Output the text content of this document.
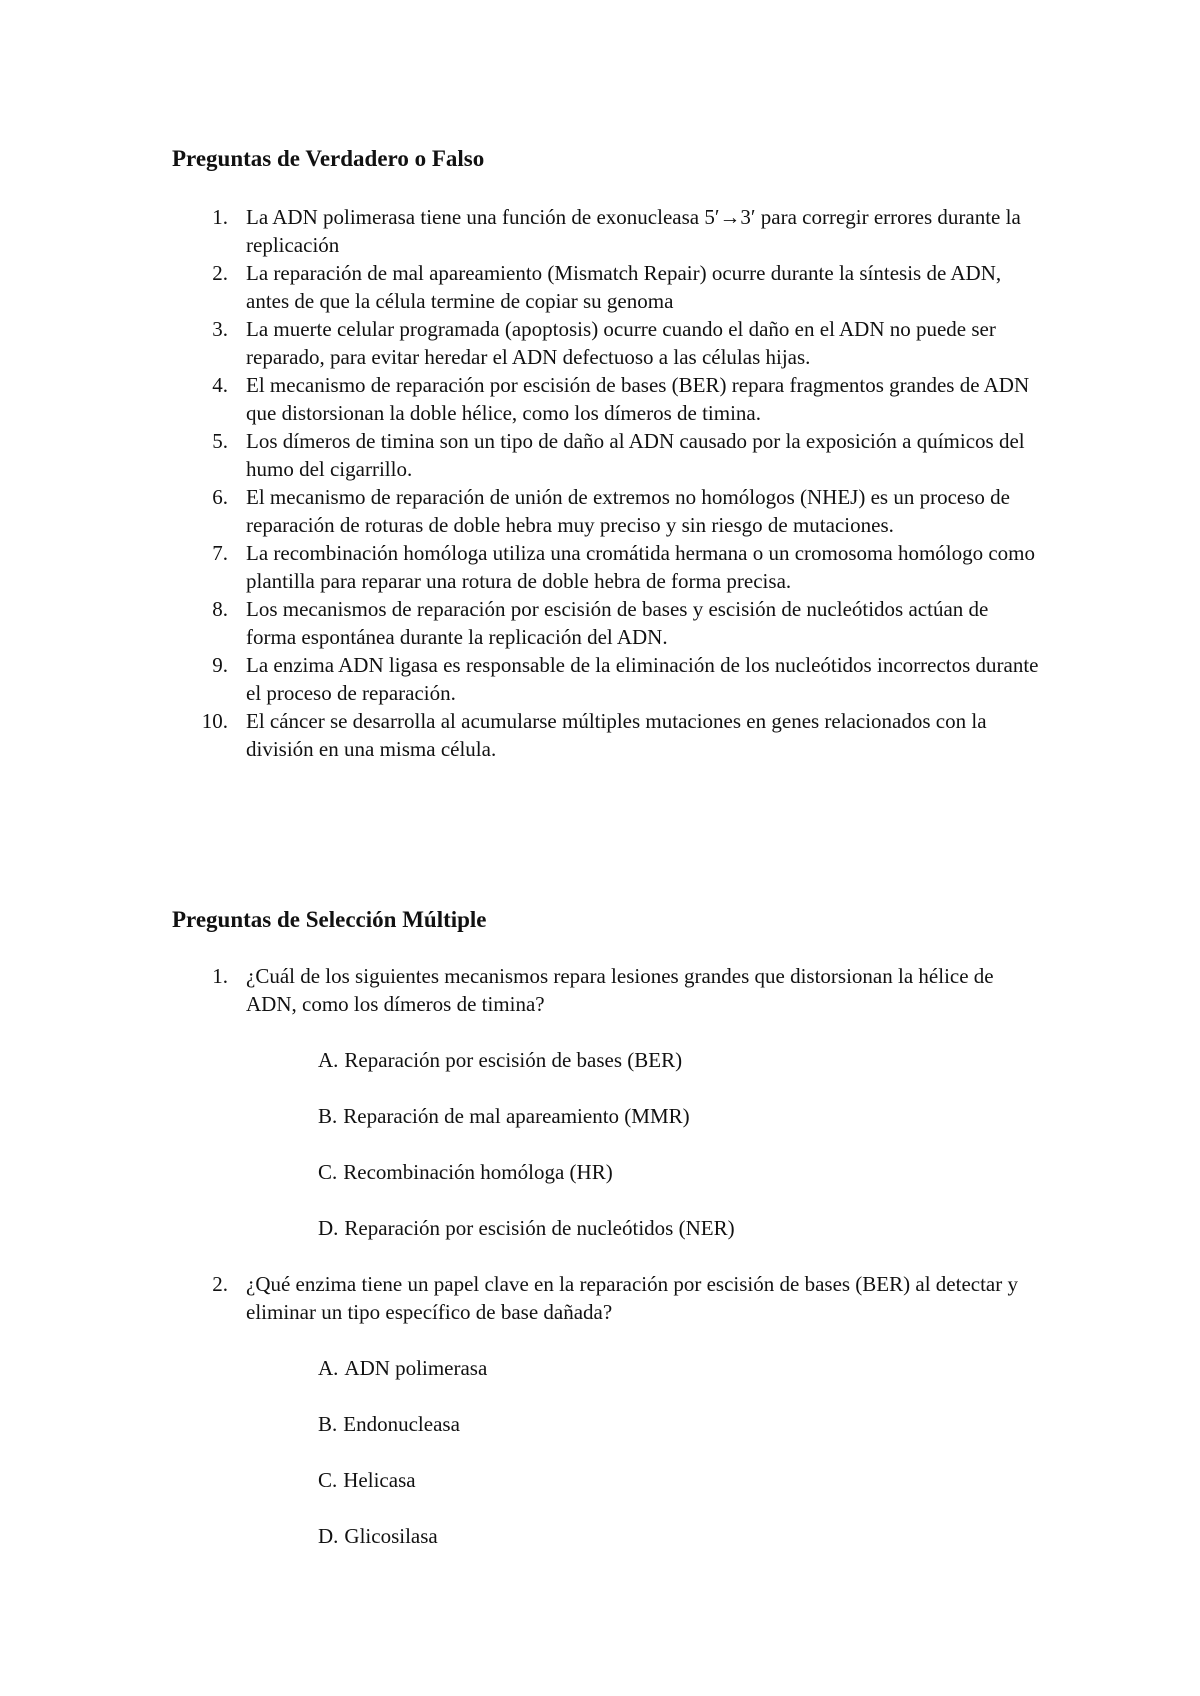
Preguntas de Verdadero o Falso
1. La ADN polimerasa tiene una función de exonucleasa 5′→3′ para corregir errores durante la replicación
2. La reparación de mal apareamiento (Mismatch Repair) ocurre durante la síntesis de ADN, antes de que la célula termine de copiar su genoma
3. La muerte celular programada (apoptosis) ocurre cuando el daño en el ADN no puede ser reparado, para evitar heredar el ADN defectuoso a las células hijas.
4. El mecanismo de reparación por escisión de bases (BER) repara fragmentos grandes de ADN que distorsionan la doble hélice, como los dímeros de timina.
5. Los dímeros de timina son un tipo de daño al ADN causado por la exposición a químicos del humo del cigarrillo.
6. El mecanismo de reparación de unión de extremos no homólogos (NHEJ) es un proceso de reparación de roturas de doble hebra muy preciso y sin riesgo de mutaciones.
7. La recombinación homóloga utiliza una cromátida hermana o un cromosoma homólogo como plantilla para reparar una rotura de doble hebra de forma precisa.
8. Los mecanismos de reparación por escisión de bases y escisión de nucleótidos actúan de forma espontánea durante la replicación del ADN.
9. La enzima ADN ligasa es responsable de la eliminación de los nucleótidos incorrectos durante el proceso de reparación.
10. El cáncer se desarrolla al acumularse múltiples mutaciones en genes relacionados con la división en una misma célula.
Preguntas de Selección Múltiple
1. ¿Cuál de los siguientes mecanismos repara lesiones grandes que distorsionan la hélice de ADN, como los dímeros de timina?
A. Reparación por escisión de bases (BER)
B. Reparación de mal apareamiento (MMR)
C. Recombinación homóloga (HR)
D. Reparación por escisión de nucleótidos (NER)
2. ¿Qué enzima tiene un papel clave en la reparación por escisión de bases (BER) al detectar y eliminar un tipo específico de base dañada?
A. ADN polimerasa
B. Endonucleasa
C. Helicasa
D. Glicosilasa
